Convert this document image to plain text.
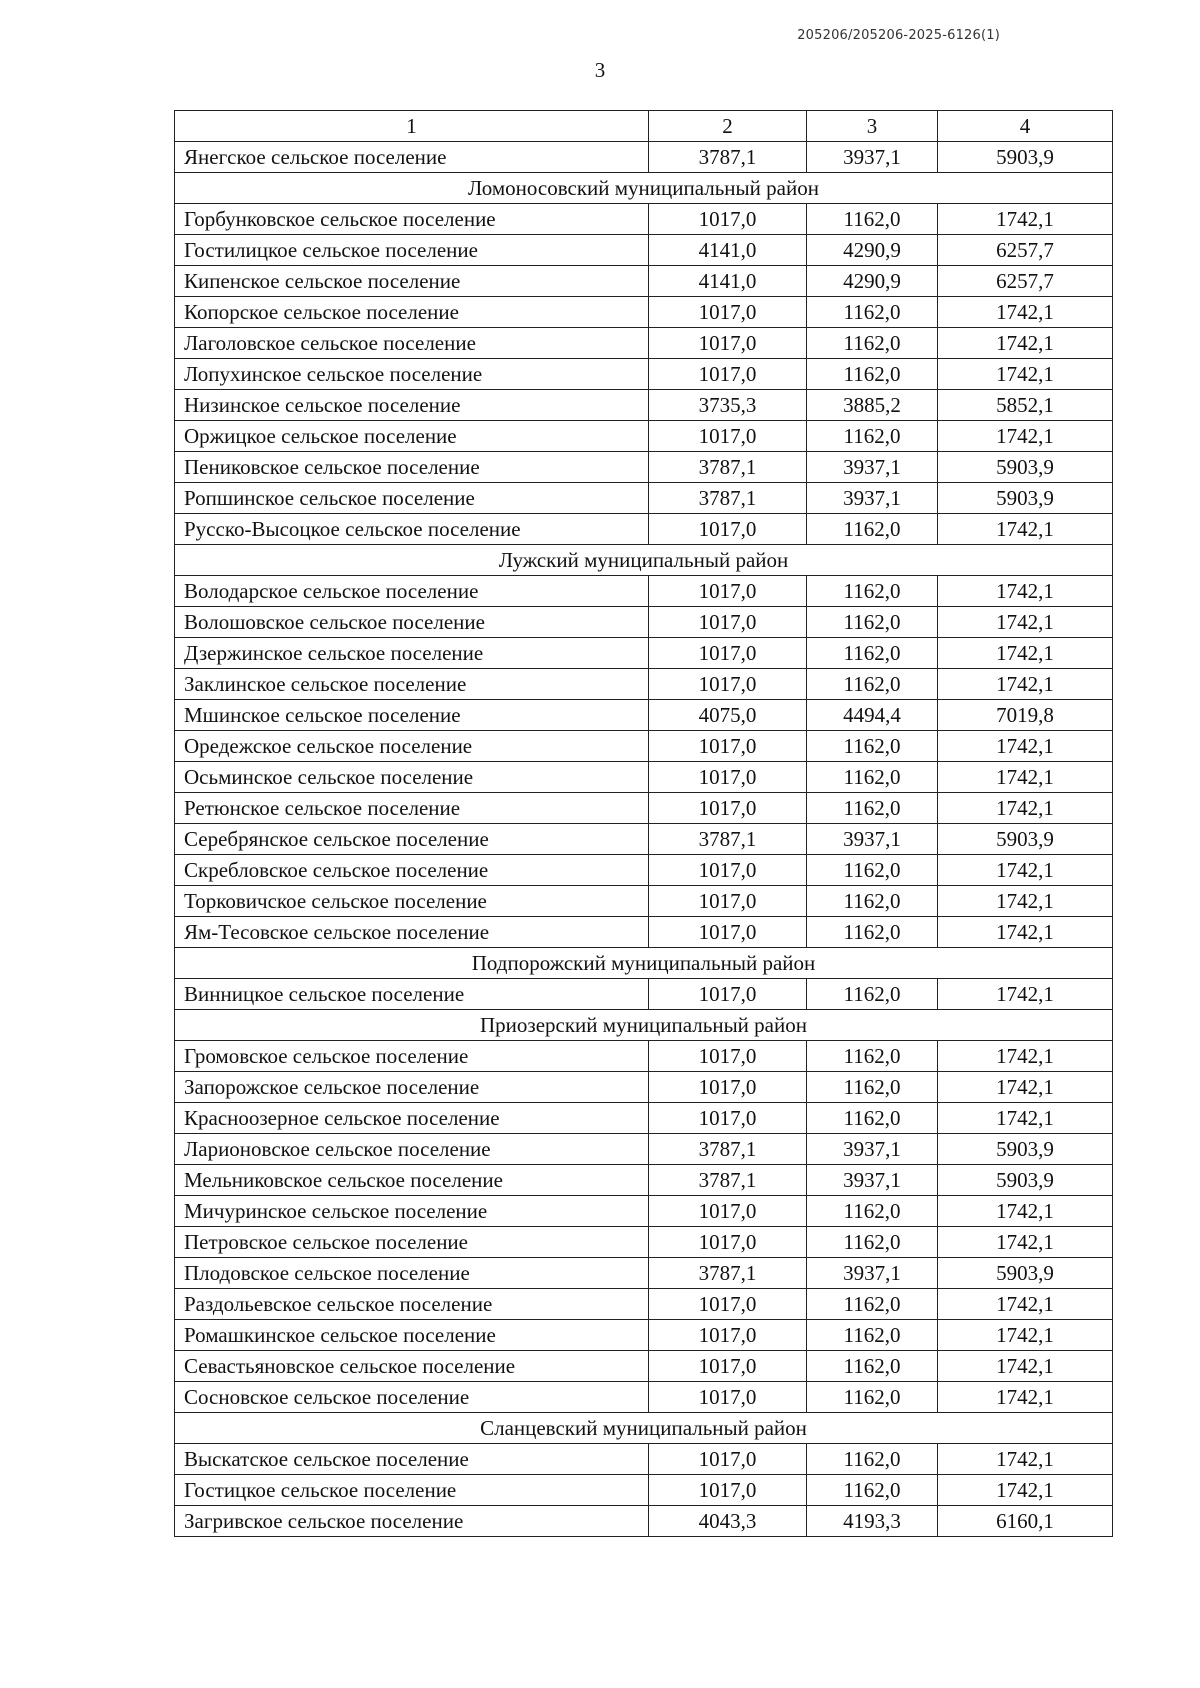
205206/205206-2025-6126(1)
3
1	2	3	4
Янегское сельское поселение	3787,1	3937,1	5903,9
Ломоносовский муниципальный район			
Горбунковское сельское поселение	1017,0	1162,0	1742,1
Гостилицкое сельское поселение	4141,0	4290,9	6257,7
Кипенское сельское поселение	4141,0	4290,9	6257,7
Копорское сельское поселение	1017,0	1162,0	1742,1
Лаголовское сельское поселение	1017,0	1162,0	1742,1
Лопухинское сельское поселение	1017,0	1162,0	1742,1
Низинское сельское поселение	3735,3	3885,2	5852,1
Оржицкое сельское поселение	1017,0	1162,0	1742,1
Пениковское сельское поселение	3787,1	3937,1	5903,9
Ропшинское сельское поселение	3787,1	3937,1	5903,9
Русско-Высоцкое сельское поселение	1017,0	1162,0	1742,1
Лужский муниципальный район			
Володарское сельское поселение	1017,0	1162,0	1742,1
Волошовское сельское поселение	1017,0	1162,0	1742,1
Дзержинское сельское поселение	1017,0	1162,0	1742,1
Заклинское сельское поселение	1017,0	1162,0	1742,1
Мшинское сельское поселение	4075,0	4494,4	7019,8
Оредежское сельское поселение	1017,0	1162,0	1742,1
Осьминское сельское поселение	1017,0	1162,0	1742,1
Ретюнское сельское поселение	1017,0	1162,0	1742,1
Серебрянское сельское поселение	3787,1	3937,1	5903,9
Скребловское сельское поселение	1017,0	1162,0	1742,1
Торковичское сельское поселение	1017,0	1162,0	1742,1
Ям-Тесовское сельское поселение	1017,0	1162,0	1742,1
Подпорожский муниципальный район			
Винницкое сельское поселение	1017,0	1162,0	1742,1
Приозерский муниципальный район			
Громовское сельское поселение	1017,0	1162,0	1742,1
Запорожское сельское поселение	1017,0	1162,0	1742,1
Красноозерное сельское поселение	1017,0	1162,0	1742,1
Ларионовское сельское поселение	3787,1	3937,1	5903,9
Мельниковское сельское поселение	3787,1	3937,1	5903,9
Мичуринское сельское поселение	1017,0	1162,0	1742,1
Петровское сельское поселение	1017,0	1162,0	1742,1
Плодовское сельское поселение	3787,1	3937,1	5903,9
Раздольевское сельское поселение	1017,0	1162,0	1742,1
Ромашкинское сельское поселение	1017,0	1162,0	1742,1
Севастьяновское сельское поселение	1017,0	1162,0	1742,1
Сосновское сельское поселение	1017,0	1162,0	1742,1
Сланцевский муниципальный район			
Выскатское сельское поселение	1017,0	1162,0	1742,1
Гостицкое сельское поселение	1017,0	1162,0	1742,1
Загривское сельское поселение	4043,3	4193,3	6160,1
